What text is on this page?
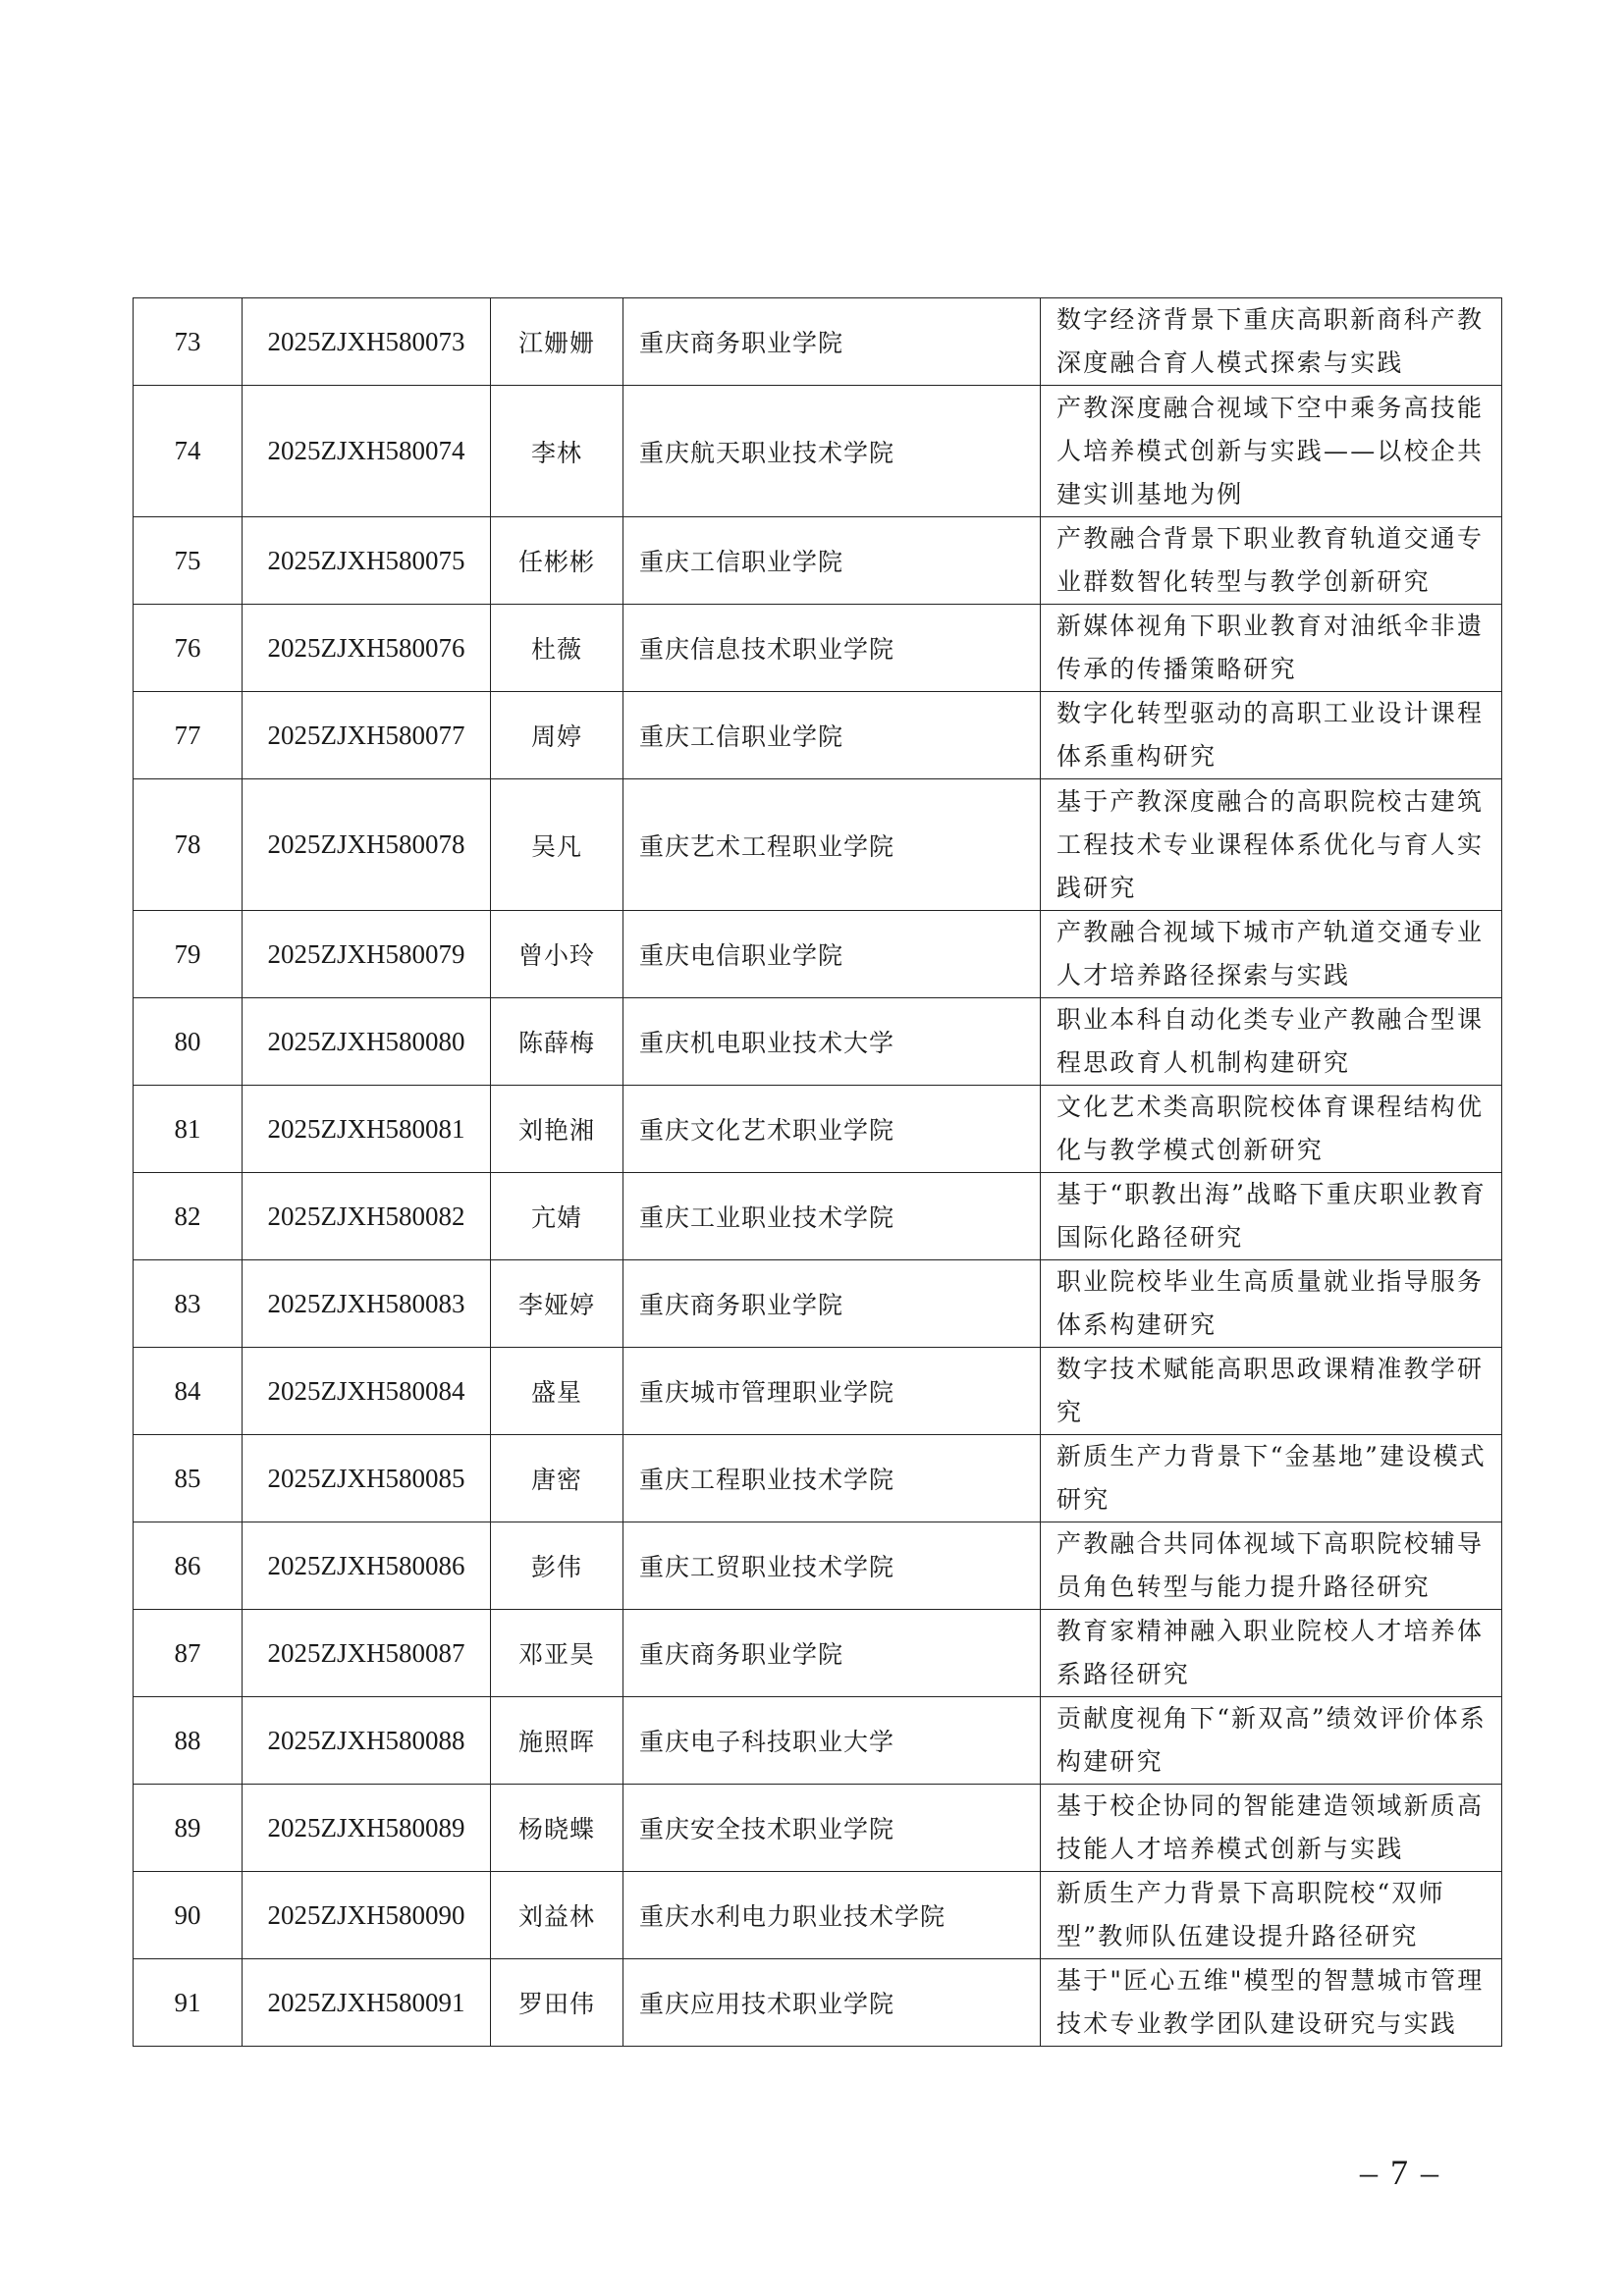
73	2025ZJXH580073	江姗姗	重庆商务职业学院	数字经济背景下重庆高职新商科产教深度融合育人模式探索与实践
74	2025ZJXH580074	李林	重庆航天职业技术学院	产教深度融合视域下空中乘务高技能人培养模式创新与实践——以校企共建实训基地为例
75	2025ZJXH580075	任彬彬	重庆工信职业学院	产教融合背景下职业教育轨道交通专业群数智化转型与教学创新研究
76	2025ZJXH580076	杜薇	重庆信息技术职业学院	新媒体视角下职业教育对油纸伞非遗传承的传播策略研究
77	2025ZJXH580077	周婷	重庆工信职业学院	数字化转型驱动的高职工业设计课程体系重构研究
78	2025ZJXH580078	吴凡	重庆艺术工程职业学院	基于产教深度融合的高职院校古建筑工程技术专业课程体系优化与育人实践研究
79	2025ZJXH580079	曾小玲	重庆电信职业学院	产教融合视域下城市产轨道交通专业人才培养路径探索与实践
80	2025ZJXH580080	陈薛梅	重庆机电职业技术大学	职业本科自动化类专业产教融合型课程思政育人机制构建研究
81	2025ZJXH580081	刘艳湘	重庆文化艺术职业学院	文化艺术类高职院校体育课程结构优化与教学模式创新研究
82	2025ZJXH580082	亢婧	重庆工业职业技术学院	基于“职教出海”战略下重庆职业教育国际化路径研究
83	2025ZJXH580083	李娅婷	重庆商务职业学院	职业院校毕业生高质量就业指导服务体系构建研究
84	2025ZJXH580084	盛星	重庆城市管理职业学院	数字技术赋能高职思政课精准教学研究
85	2025ZJXH580085	唐密	重庆工程职业技术学院	新质生产力背景下“金基地”建设模式研究
86	2025ZJXH580086	彭伟	重庆工贸职业技术学院	产教融合共同体视域下高职院校辅导员角色转型与能力提升路径研究
87	2025ZJXH580087	邓亚昊	重庆商务职业学院	教育家精神融入职业院校人才培养体系路径研究
88	2025ZJXH580088	施照晖	重庆电子科技职业大学	贡献度视角下“新双高”绩效评价体系构建研究
89	2025ZJXH580089	杨晓蝶	重庆安全技术职业学院	基于校企协同的智能建造领域新质高技能人才培养模式创新与实践
90	2025ZJXH580090	刘益林	重庆水利电力职业技术学院	新质生产力背景下高职院校“双师型”教师队伍建设提升路径研究
91	2025ZJXH580091	罗田伟	重庆应用技术职业学院	基于"匠心五维"模型的智慧城市管理技术专业教学团队建设研究与实践
– 7 –
